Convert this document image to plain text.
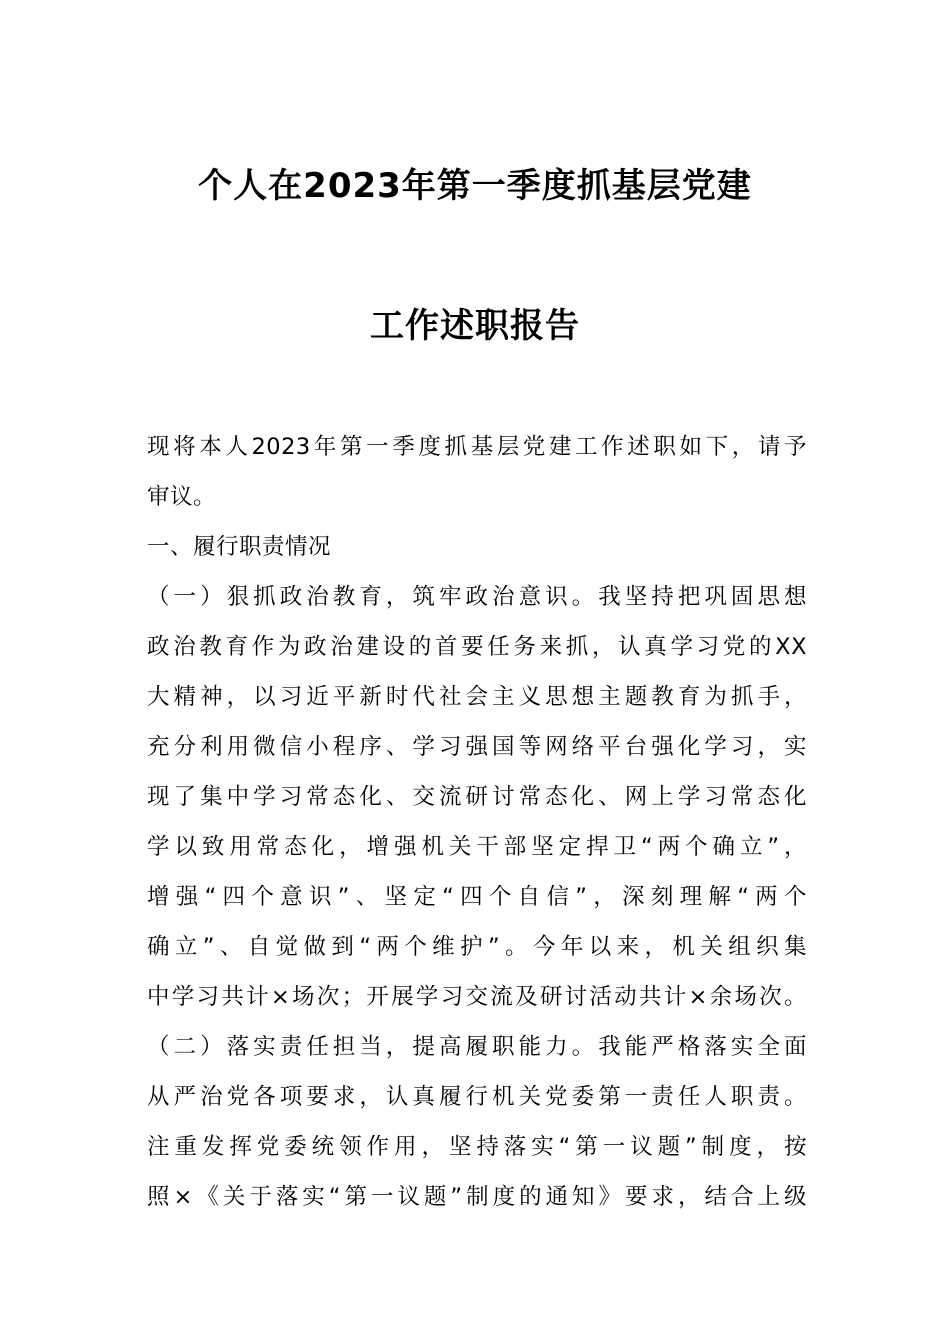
个人在2023年第一季度抓基层党建
工作述职报告
现将本人2023年第一季度抓基层党建工作述职如下，请予
审议。
一、履行职责情况
（一）狠抓政治教育，筑牢政治意识。我坚持把巩固思想
政治教育作为政治建设的首要任务来抓，认真学习党的XX
大精神，以习近平新时代社会主义思想主题教育为抓手，
充分利用微信小程序、学习强国等网络平台强化学习，实
现了集中学习常态化、交流研讨常态化、网上学习常态化
学以致用常态化，增强机关干部坚定捍卫“两个确立”，
增强“四个意识”、坚定“四个自信”，深刻理解“两个
确立”、自觉做到“两个维护”。今年以来，机关组织集
中学习共计×场次；开展学习交流及研讨活动共计×余场次。
（二）落实责任担当，提高履职能力。我能严格落实全面
从严治党各项要求，认真履行机关党委第一责任人职责。
注重发挥党委统领作用，坚持落实“第一议题”制度，按
照×《关于落实“第一议题”制度的通知》要求，结合上级
